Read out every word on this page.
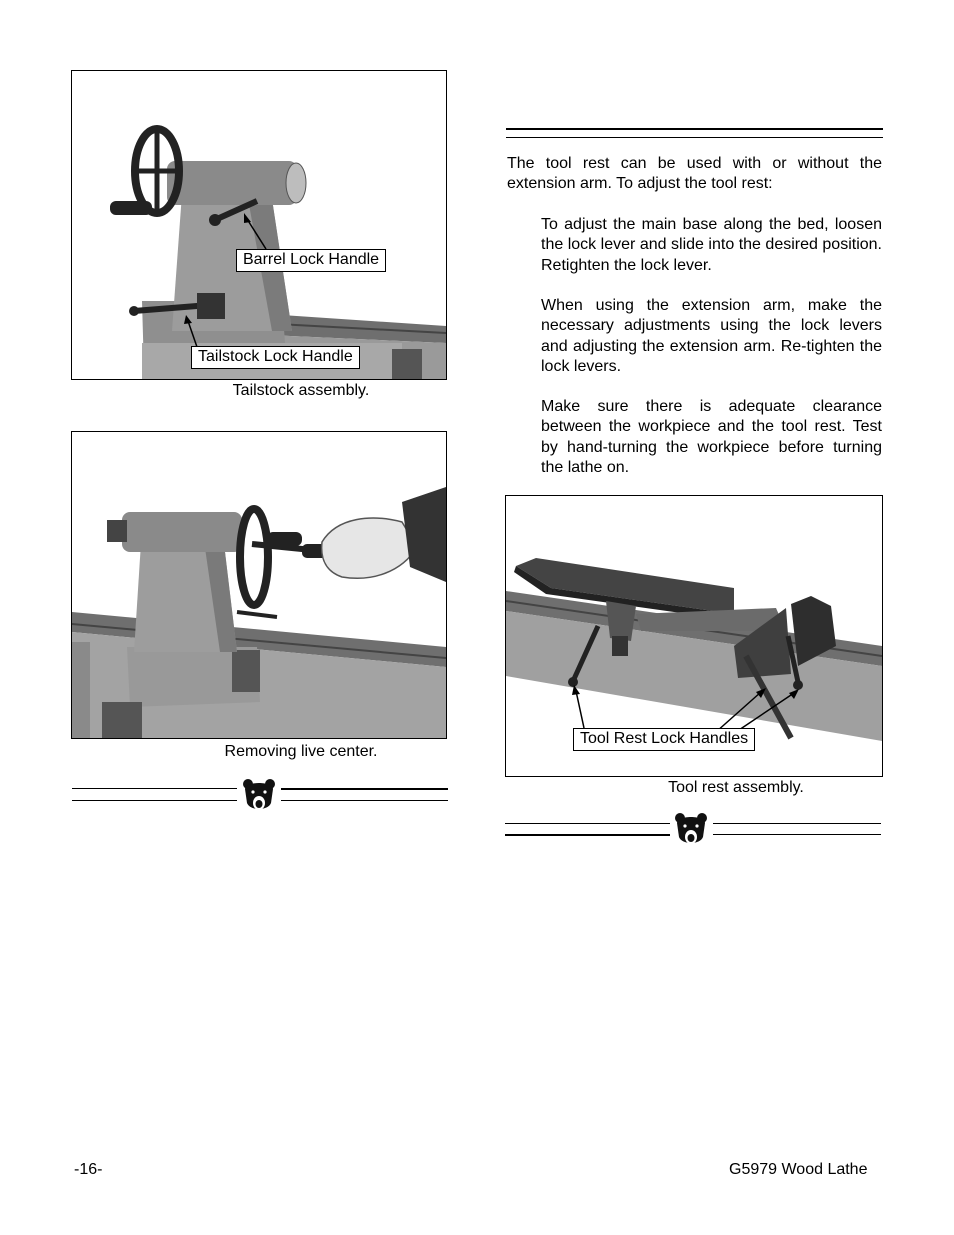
Barrel Lock Handle
Tailstock Lock Handle
Tailstock assembly.
Removing live center.
The tool rest can be used with or without the extension arm. To adjust the tool rest:
To adjust the main base along the bed, loosen the lock lever and slide into the desired position. Retighten the lock lever.
When using the extension arm, make the necessary adjustments using the lock levers and adjusting the extension arm. Re-tighten the lock levers.
Make sure there is adequate clearance between the workpiece and the tool rest. Test by hand-turning the workpiece before turning the lathe on.
Tool Rest Lock Handles
Tool rest assembly.
-16-	G5979 Wood Lathe
